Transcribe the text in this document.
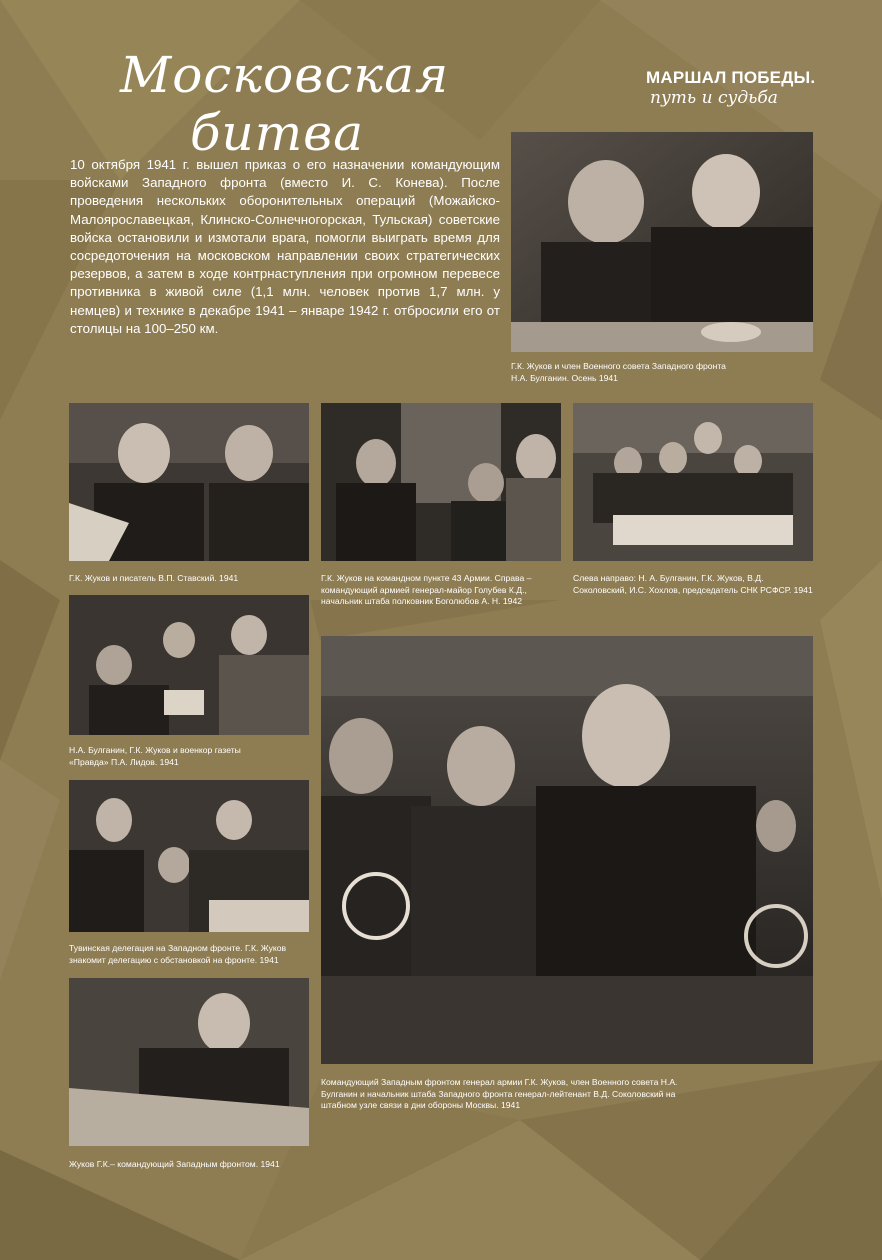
Московская
битва
МАРШАЛ ПОБЕДЫ.
путь и судьба
10 октября 1941 г. вышел приказ о его назначении командующим войсками Западного фронта (вместо И. С. Конева). После проведения нескольких оборонительных операций (Можайско-Малоярославецкая, Клинско-Солнечногорская, Тульская) советские войска остановили и измотали врага, помогли выиграть время для сосредоточения на московском направлении своих стратегических резервов, а затем в ходе контрнаступления при огромном перевесе противника в живой силе (1,1 млн. человек против 1,7 млн. у немцев) и технике в декабре 1941 – январе 1942 г. отбросили его от столицы на 100–250 км.
Г.К. Жуков и член Военного совета Западного фронта Н.А. Булганин. Осень 1941
Г.К. Жуков и писатель В.П. Ставский. 1941	Г.К. Жуков на командном пункте 43 Армии. Справа – командующий армией генерал-майор Голубев К.Д., начальник штаба полковник Боголюбов А. Н. 1942
Слева направо: Н. А. Булганин, Г.К. Жуков, В.Д. Соколовский, И.С. Хохлов, председатель СНК РСФСР. 1941
Н.А. Булганин, Г.К. Жуков и военкор газеты «Правда» П.А. Лидов. 1941
Тувинская делегация на Западном фронте. Г.К. Жуков знакомит делегацию с обстановкой на фронте. 1941
Жуков Г.К.– командующий Западным фронтом. 1941
Командующий Западным фронтом генерал армии Г.К. Жуков, член Военного совета Н.А. Булганин и начальник штаба Западного фронта генерал-лейтенант В.Д. Соколовский на штабном узле связи в дни обороны Москвы. 1941
